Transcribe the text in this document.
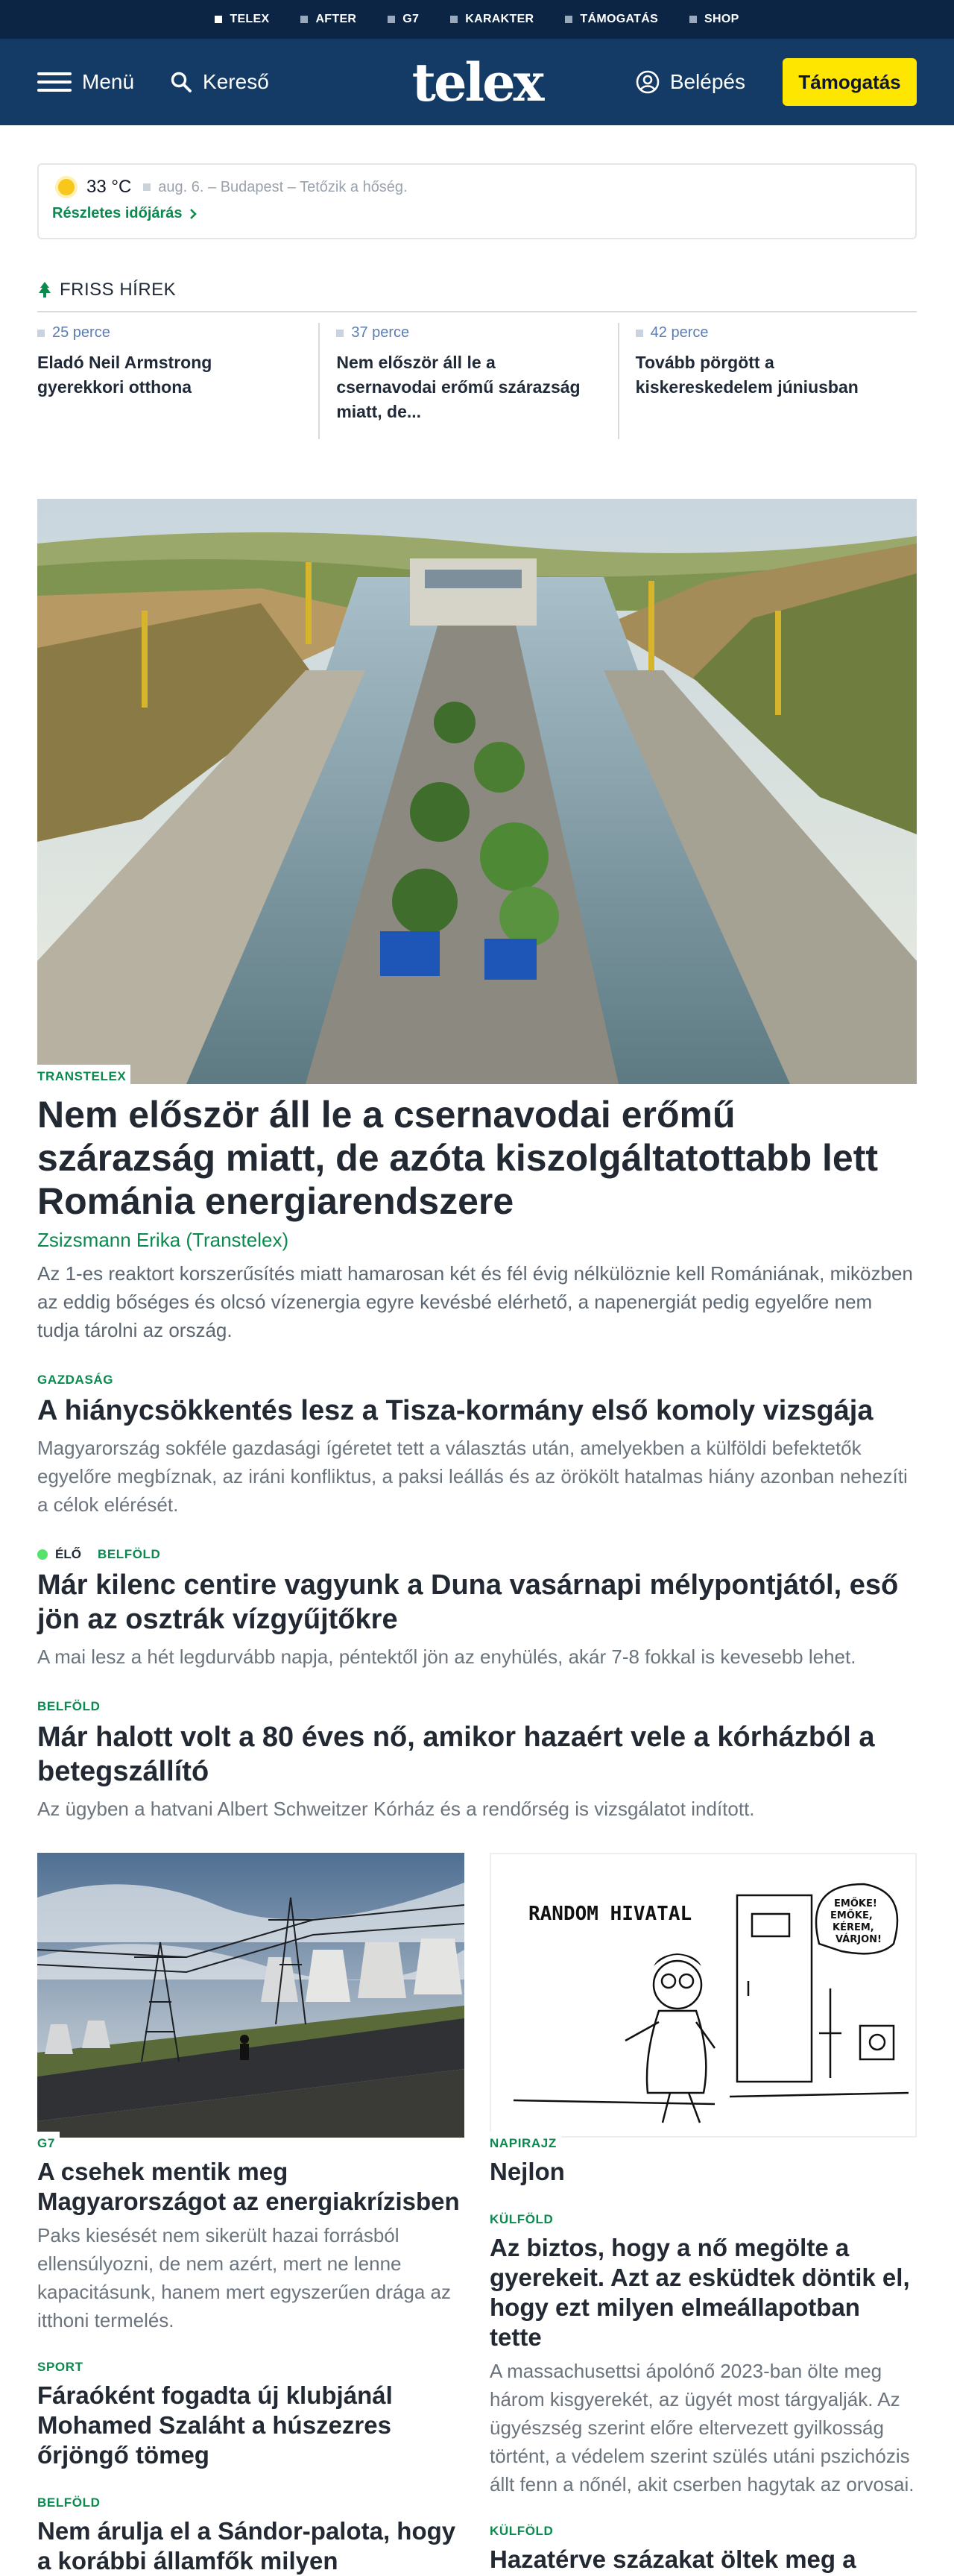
TELEX	AFTER	G7	KARAKTER	TÁMOGATÁS	SHOP
Menü	Kereső	telex	Belépés	Támogatás
33 °C aug. 6. – Budapest – Tetőzik a hőség.
Részletes időjárás
FRISS HÍREK
25 perce
Eladó Neil Armstrong gyerekkori otthona
37 perce
Nem először áll le a csernavodai erőmű szárazság miatt, de...
42 perce
Tovább pörgött a kiskereskedelem júniusban
TRANSTELEX
Nem először áll le a csernavodai erőmű szárazság miatt, de azóta kiszolgáltatottabb lett Románia energiarendszere
Zsizsmann Erika (Transtelex)

Az 1-es reaktort korszerűsítés miatt hamarosan két és fél évig nélkülöznie kell Romániának, miközben az eddig bőséges és olcsó vízenergia egyre kevésbé elérhető, a napenergiát pedig egyelőre nem tudja tárolni az ország.

GAZDASÁG
A hiánycsökkentés lesz a Tisza-kormány első komoly vizsgája

Magyarország sokféle gazdasági ígéretet tett a választás után, amelyekben a külföldi befektetők egyelőre megbíznak, az iráni konfliktus, a paksi leállás és az örökölt hatalmas hiány azonban nehezíti a célok elérését.

ÉLŐ BELFÖLD
Már kilenc centire vagyunk a Duna vasárnapi mélypontjától, eső jön az osztrák vízgyűjtőkre

A mai lesz a hét legdurvább napja, péntektől jön az enyhülés, akár 7-8 fokkal is kevesebb lehet.

BELFÖLD
Már halott volt a 80 éves nő, amikor hazaért vele a kórházból a betegszállító

Az ügyben a hatvani Albert Schweitzer Kórház és a rendőrség is vizsgálatot indított.

G7
A csehek mentik meg Magyarországot az energiakrízisben

Paks kiesését nem sikerült hazai forrásból ellensúlyozni, de nem azért, mert ne lenne kapacitásunk, hanem mert egyszerűen drága az itthoni termelés.

SPORT
Fáraóként fogadta új klubjánál Mohamed Szaláht a húszezres őrjöngő tömeg
BELFÖLD
Nem árulja el a Sándor-palota, hogy a korábbi államfők milyen
RANDOM HIVATAL	EMŐKE!
EMŐKE,
KÉREM,
VÁRJON!
NAPIRAJZ
Nejlon
KÜLFÖLD
Az biztos, hogy a nő megölte a gyerekeit. Azt az esküdtek döntik el, hogy ezt milyen elmeállapotban tette

A massachusettsi ápolónő 2023-ban ölte meg három kisgyerekét, az ügyét most tárgyalják. Az ügyészség szerint előre eltervezett gyilkosság történt, a védelem szerint szülés utáni pszichózis állt fenn a nőnél, akit cserben hagytak az orvosai.

KÜLFÖLD
Hazatérve százakat öltek meg a
